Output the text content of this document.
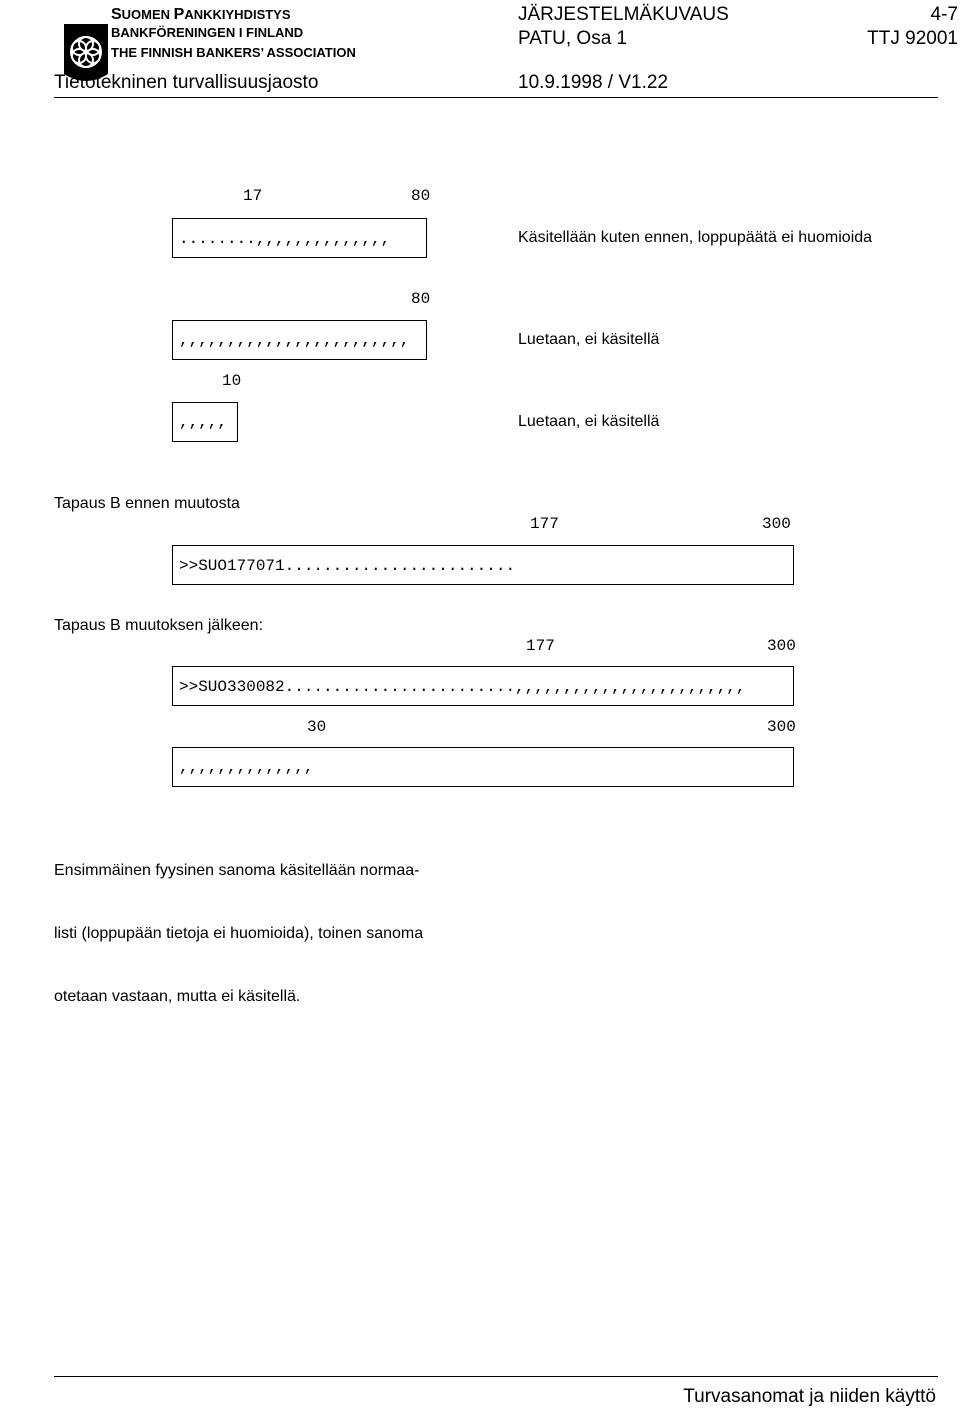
SUOMEN PANKKIYHDISTYS
BANKFÖRENINGEN I FINLAND
THE FINNISH BANKERS’ ASSOCIATION
Tietotekninen turvallisuusjaosto
JÄRJESTELMÄKUVAUS
PATU, Osa 1
10.9.1998 / V1.22
4-7
TTJ 92001
17	80
........,,,,,,,,,,,,,,	Käsitellään kuten ennen, loppupäätä ei huomioida
80
,,,,,,,,,,,,,,,,,,,,,,,,	Luetaan, ei käsitellä
10
,,,,,	Luetaan, ei käsitellä
Tapaus B ennen muutosta
177	300
>>SUO177071........................
Tapaus B muutoksen jälkeen:
177	300
>>SUO330082........................,,,,,,,,,,,,,,,,,,,,,,,,
30	300
,,,,,,,,,,,,,,

Ensimmäinen fyysinen sanoma käsitellään normaa-

listi (loppupään tietoja ei huomioida), toinen sanoma

otetaan vastaan, mutta ei käsitellä.

Turvasanomat ja niiden käyttö
